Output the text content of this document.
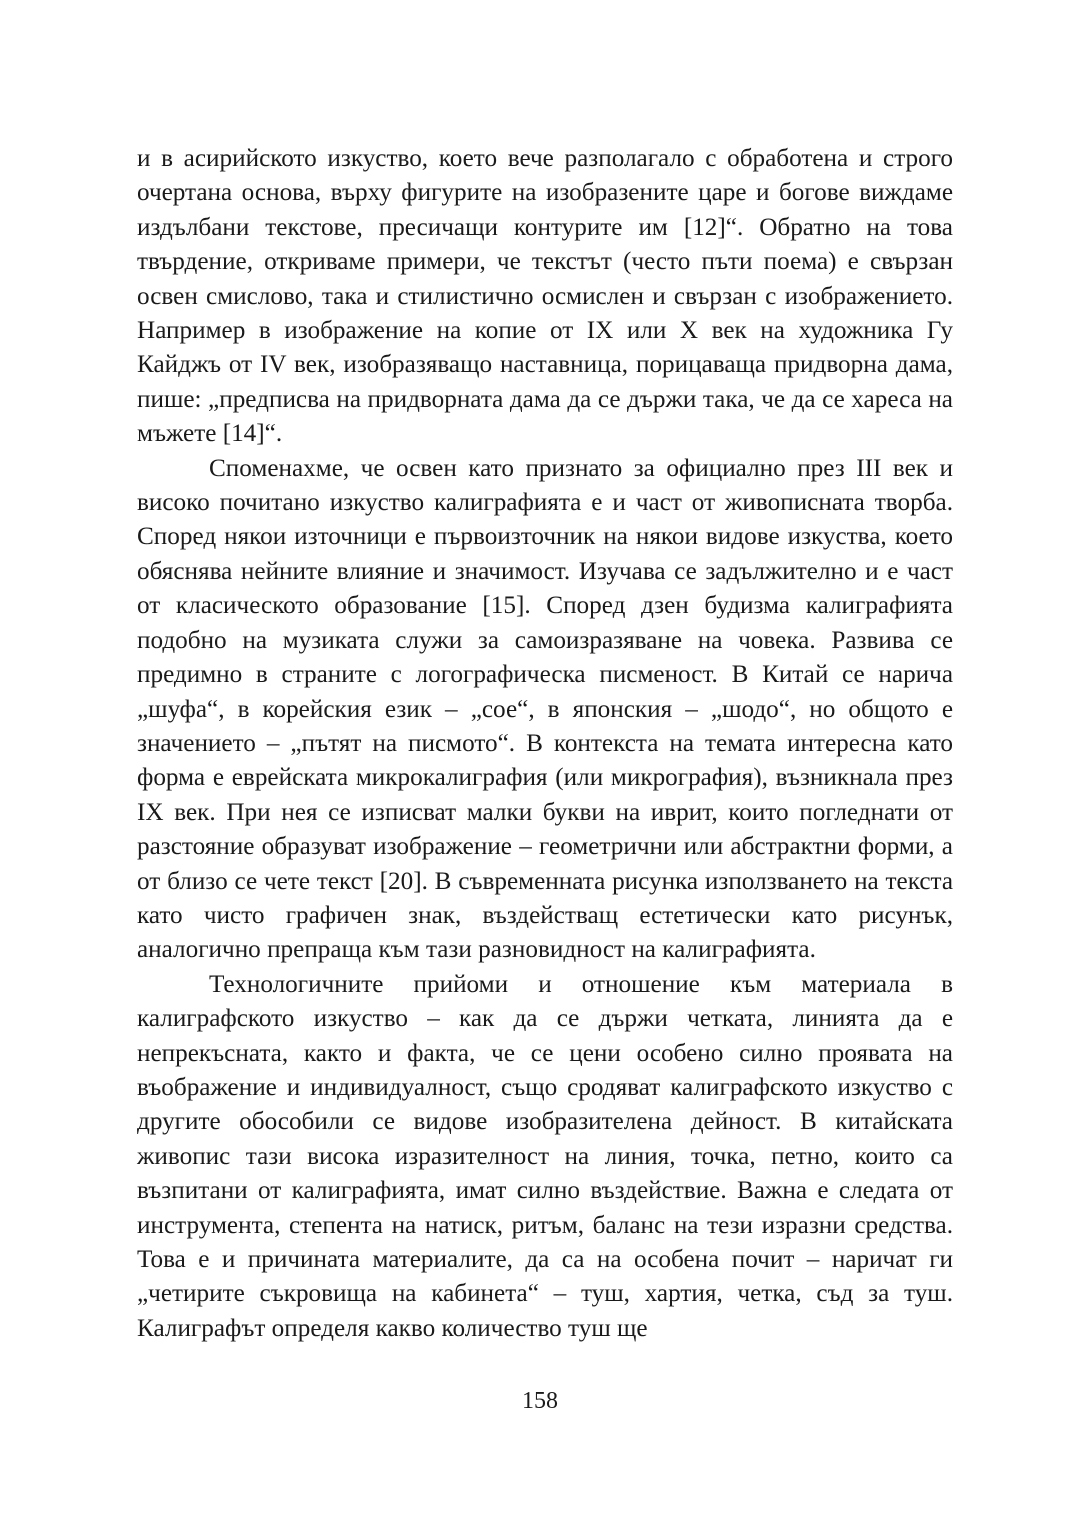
и в асирийското изкуство, което вече разполагало с обработена и строго очертана основа, върху фигурите на изобразените царе и богове виждаме издълбани текстове, пресичащи контурите им [12]“. Обратно на това твърдение, откриваме примери, че текстът (често пъти поема) е свързан освен смислово, така и стилистично осмислен и свързан с изображението. Например в изображение на копие от IX или X век на художника Гу Кайджъ от IV век, изобразяващо наставница, порицаваща придворна дама, пише: „предписва на придворната дама да се държи така, че да се хареса на мъжете [14]“.

Споменахме, че освен като признато за официално през III век и високо почитано изкуство калиграфията е и част от живописната творба. Според някои източници е първоизточник на някои видове изкуства, което обяснява нейните влияние и значимост. Изучава се задължително и е част от класическото образование [15]. Според дзен будизма калиграфията подобно на музиката служи за самоизразяване на човека. Развива се предимно в страните с логографическа писменост. В Китай се нарича „шуфа“, в корейския език – „сое“, в японския – „шодо“, но общото е значението – „пътят на писмото“. В контекста на темата интересна като форма е еврейската микрокалиграфия (или микрография), възникнала през IX век. При нея се изписват малки букви на иврит, които погледнати от разстояние образуват изображение – геометрични или абстрактни форми, а от близо се чете текст [20]. В съвременната рисунка използването на текста като чисто графичен знак, въздействащ естетически като рисунък, аналогично препраща към тази разновидност на калиграфията.

Технологичните прийоми и отношение към материала в калиграфското изкуство – как да се държи четката, линията да е непрекъсната, както и факта, че се цени особено силно проявата на въображение и индивидуалност, също сродяват калиграфското изкуство с другите обособили се видове изобразителена дейност. В китайската живопис тази висока изразителност на линия, точка, петно, които са възпитани от калиграфията, имат силно въздействие. Важна е следата от инструмента, степента на натиск, ритъм, баланс на тези изразни средства. Това е и причината материалите, да са на особена почит – наричат ги „четирите съкровища на кабинета“ – туш, хартия, четка, съд за туш. Калиграфът определя какво количество туш ще

158
